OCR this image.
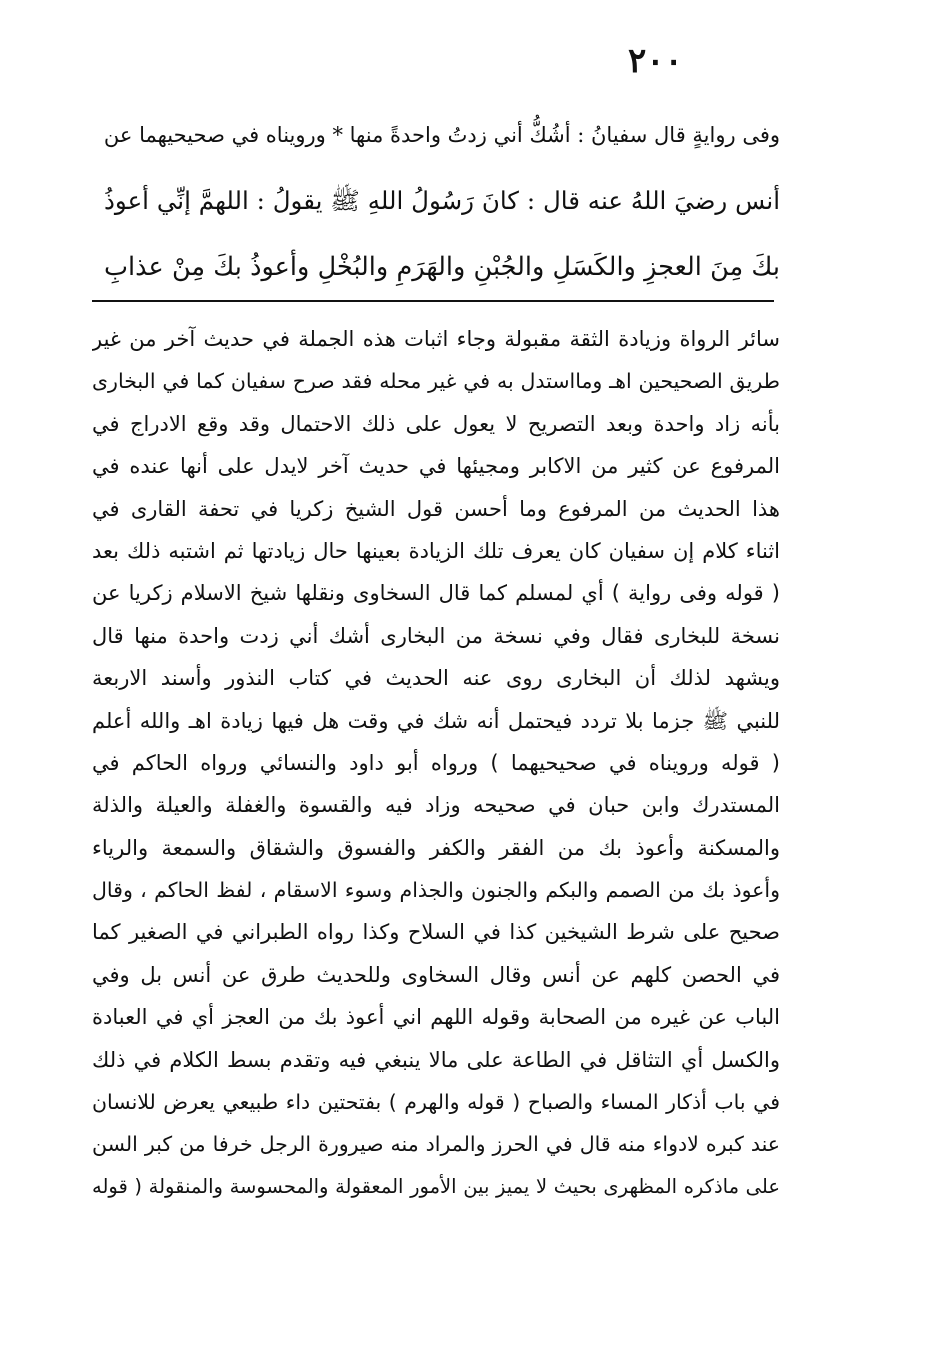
٢٠٠
وفى روايةٍ قال سفيانُ : أشُكُّ أني زدتُ واحدةً منها * ورويناه في صحيحيهما عن
أنس رضيَ اللهُ عنه قال : كانَ رَسُولُ اللهِ ﷺ يقولُ : اللهمَّ إنِّي أعوذُ
بكَ مِنَ العجزِ والكَسَلِ والجُبْنِ والهَرَمِ والبُخْلِ وأعوذُ بكَ مِنْ عذابِ
سائر الرواة وزيادة الثقة مقبولة وجاء اثبات هذه الجملة في حديث آخر من غير
طريق الصحيحين اهـ ومااستدل به في غير محله فقد صرح سفيان كما في البخارى
بأنه زاد واحدة وبعد التصريح لا يعول على ذلك الاحتمال وقد وقع الادراج في
المرفوع عن كثير من الاكابر ومجيئها في حديث آخر لايدل على أنها عنده في
هذا الحديث من المرفوع وما أحسن قول الشيخ زكريا في تحفة القارى في
اثناء كلام إن سفيان كان يعرف تلك الزيادة بعينها حال زيادتها ثم اشتبه ذلك بعد
( قوله وفى رواية ) أي لمسلم كما قال السخاوى ونقلها شيخ الاسلام زكريا عن
نسخة للبخارى فقال وفي نسخة من البخارى أشك أني زدت واحدة منها قال
ويشهد لذلك أن البخارى روى عنه الحديث في كتاب النذور وأسند الاربعة
للنبي ﷺ جزما بلا تردد فيحتمل أنه شك في وقت هل فيها زيادة اهـ والله أعلم
( قوله ورويناه في صحيحيهما ) ورواه أبو داود والنسائي ورواه الحاكم في
المستدرك وابن حبان في صحيحه وزاد فيه والقسوة والغفلة والعيلة والذلة
والمسكنة وأعوذ بك من الفقر والكفر والفسوق والشقاق والسمعة والرياء
وأعوذ بك من الصمم والبكم والجنون والجذام وسوء الاسقام ، لفظ الحاكم ، وقال
صحيح على شرط الشيخين كذا في السلاح وكذا رواه الطبراني في الصغير كما
في الحصن كلهم عن أنس وقال السخاوى وللحديث طرق عن أنس بل وفي
الباب عن غيره من الصحابة وقوله اللهم اني أعوذ بك من العجز أي في العبادة
والكسل أي التثاقل في الطاعة على مالا ينبغي فيه وتقدم بسط الكلام في ذلك
في باب أذكار المساء والصباح ( قوله والهرم ) بفتحتين داء طبيعي يعرض للانسان
عند كبره لادواء منه قال في الحرز والمراد منه صيرورة الرجل خرفا من كبر السن
على ماذكره المظهرى بحيث لا يميز بين الأمور المعقولة والمحسوسة والمنقولة ( قوله
